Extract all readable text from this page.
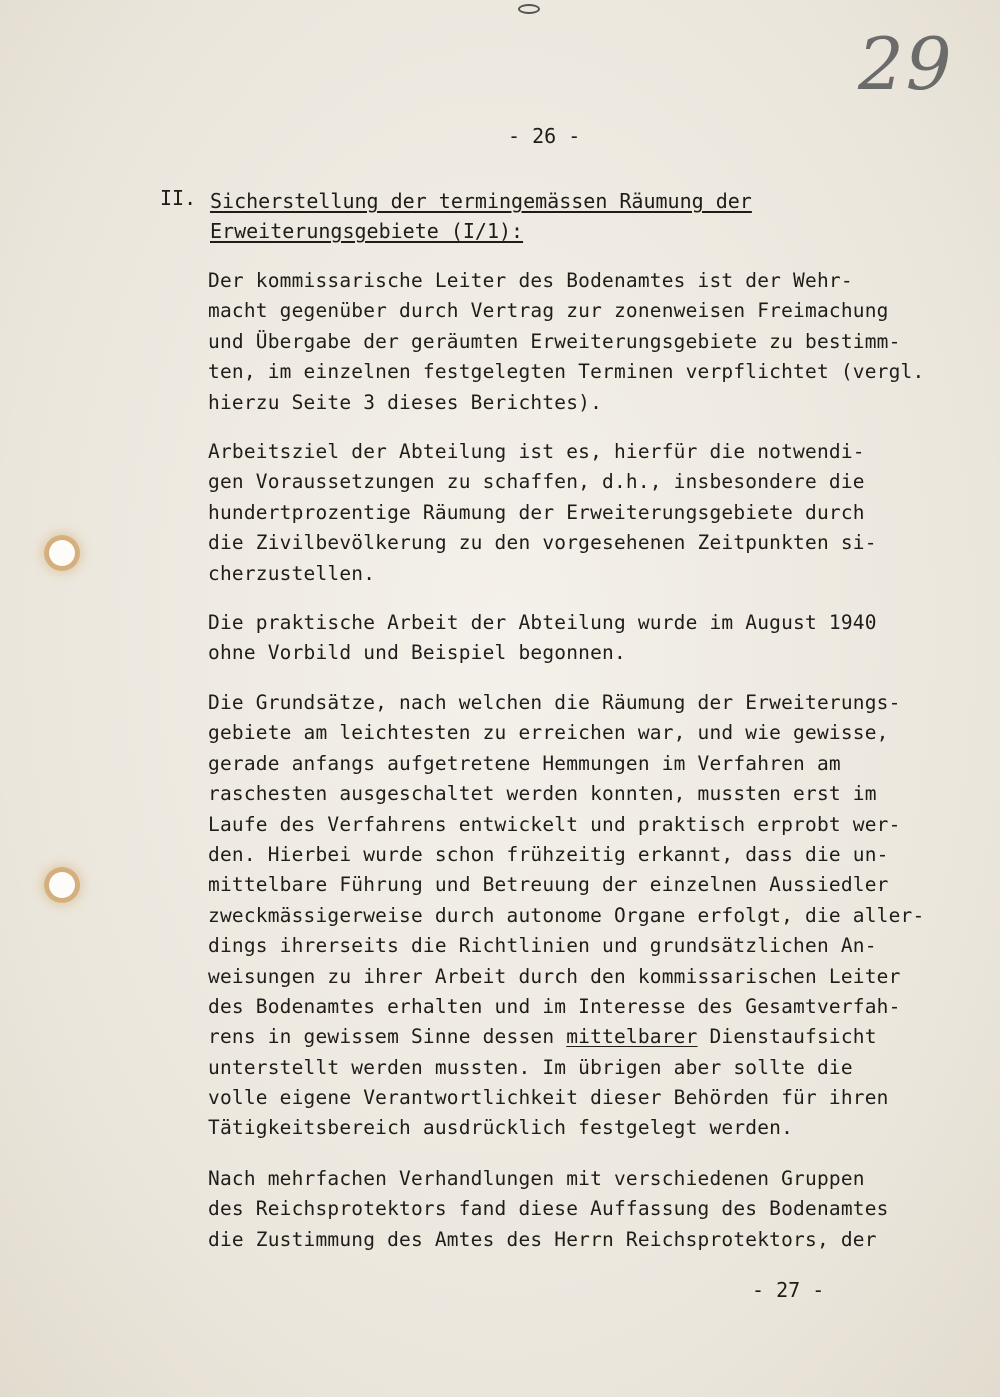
29
- 26 -
II. Sicherstellung der termingemässen Räumung der
Erweiterungsgebiete (I/1):
Der kommissarische Leiter des Bodenamtes ist der Wehr-
macht gegenüber durch Vertrag zur zonenweisen Freimachung
und Übergabe der geräumten Erweiterungsgebiete zu bestimm-
ten, im einzelnen festgelegten Terminen verpflichtet (vergl.
hierzu Seite 3 dieses Berichtes).
Arbeitsziel der Abteilung ist es, hierfür die notwendi-
gen Voraussetzungen zu schaffen, d.h., insbesondere die
hundertprozentige Räumung der Erweiterungsgebiete durch
die Zivilbevölkerung zu den vorgesehenen Zeitpunkten si-
cherzustellen.
Die praktische Arbeit der Abteilung wurde im August 1940
ohne Vorbild und Beispiel begonnen.
Die Grundsätze, nach welchen die Räumung der Erweiterungs-
gebiete am leichtesten zu erreichen war, und wie gewisse,
gerade anfangs aufgetretene Hemmungen im Verfahren am
raschesten ausgeschaltet werden konnten, mussten erst im
Laufe des Verfahrens entwickelt und praktisch erprobt wer-
den. Hierbei wurde schon frühzeitig erkannt, dass die un-
mittelbare Führung und Betreuung der einzelnen Aussiedler
zweckmässigerweise durch autonome Organe erfolgt, die aller-
dings ihrerseits die Richtlinien und grundsätzlichen An-
weisungen zu ihrer Arbeit durch den kommissarischen Leiter
des Bodenamtes erhalten und im Interesse des Gesamtverfah-
rens in gewissem Sinne dessen mittelbarer Dienstaufsicht
unterstellt werden mussten. Im übrigen aber sollte die
volle eigene Verantwortlichkeit dieser Behörden für ihren
Tätigkeitsbereich ausdrücklich festgelegt werden.
Nach mehrfachen Verhandlungen mit verschiedenen Gruppen
des Reichsprotektors fand diese Auffassung des Bodenamtes
die Zustimmung des Amtes des Herrn Reichsprotektors, der
- 27 -
